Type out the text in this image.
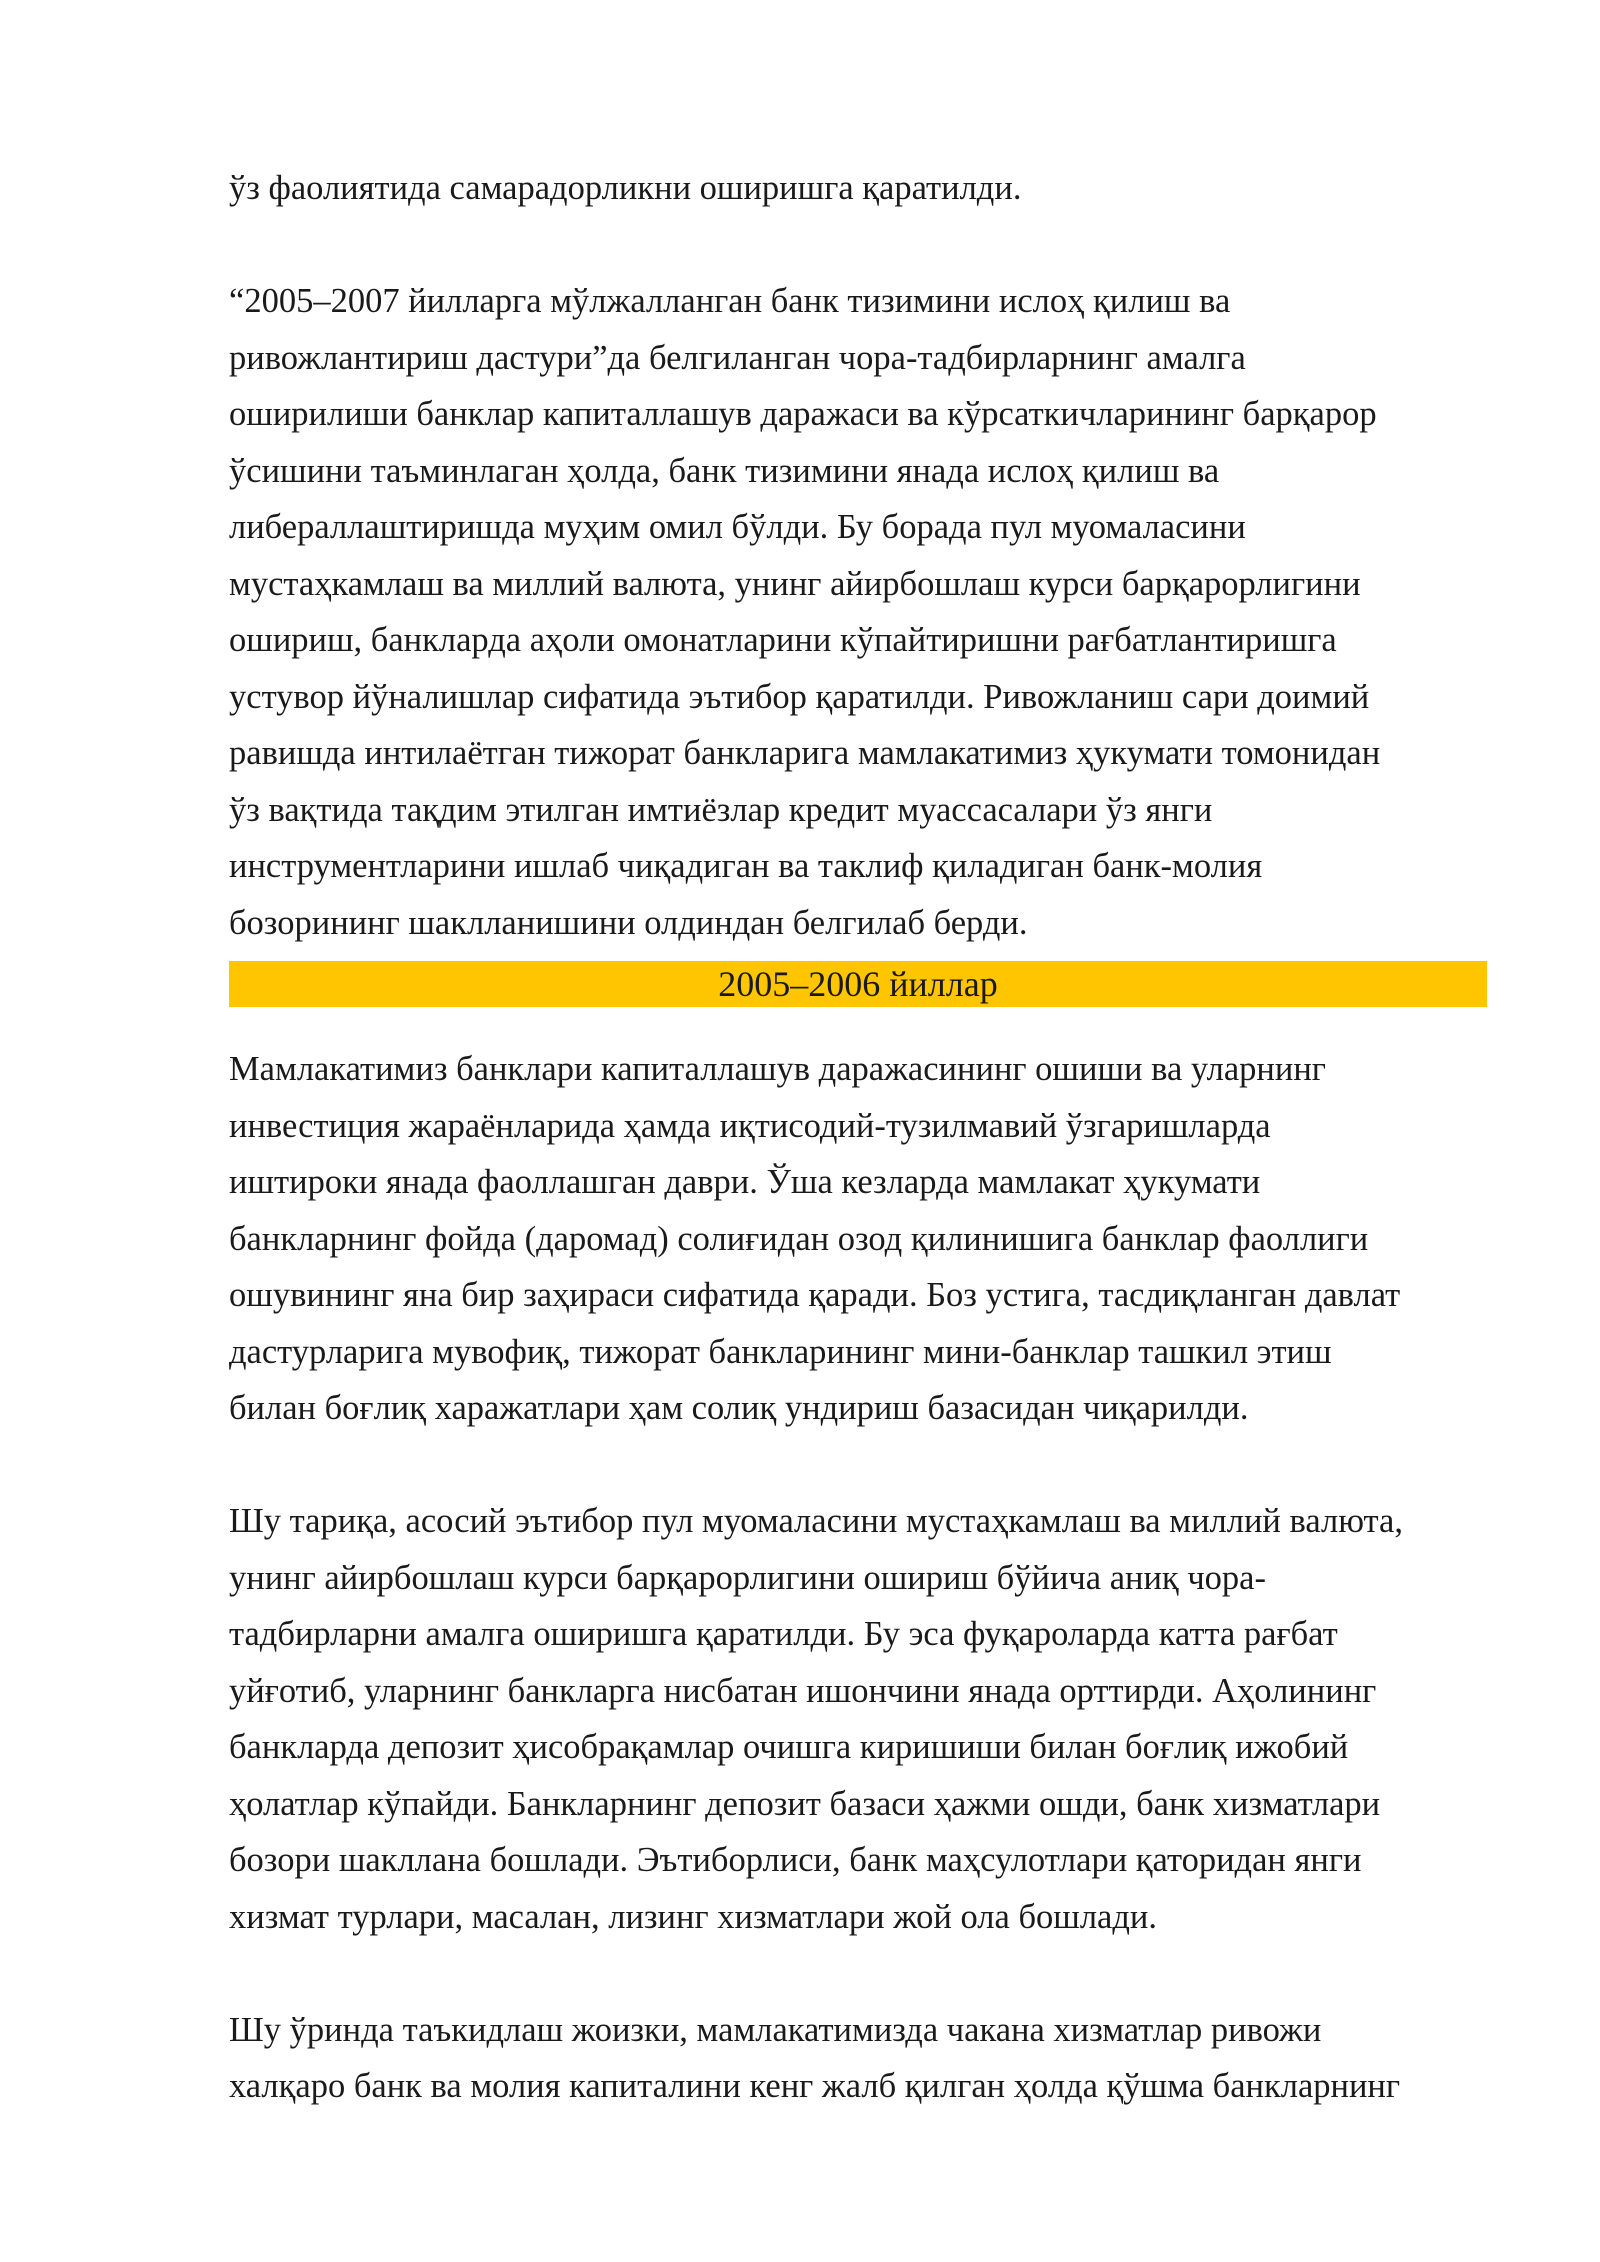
ўз фаолиятида самарадорликни оширишга қаратилди.

“2005–2007 йилларга мўлжалланган банк тизимини ислоҳ қилиш ва
ривожлантириш дастури”да белгиланган чора-тадбирларнинг амалга
оширилиши банклар капиталлашув даражаси ва кўрсаткичларининг барқарор
ўсишини таъминлаган ҳолда, банк тизимини янада ислоҳ қилиш ва
либераллаштиришда муҳим омил бўлди. Бу борада пул муомаласини
мустаҳкамлаш ва миллий валюта, унинг айирбошлаш курси барқарорлигини
ошириш, банкларда аҳоли омонатларини кўпайтиришни рағбатлантиришга
устувор йўналишлар сифатида эътибор қаратилди. Ривожланиш сари доимий
равишда интилаётган тижорат банкларига мамлакатимиз ҳукумати томонидан
ўз вақтида тақдим этилган имтиёзлар кредит муассасалари ўз янги
инструментларини ишлаб чиқадиган ва таклиф қиладиган банк-молия
бозорининг шаклланишини олдиндан белгилаб берди.

2005–2006 йиллар

Мамлакатимиз банклари капиталлашув даражасининг ошиши ва уларнинг
инвестиция жараёнларида ҳамда иқтисодий-тузилмавий ўзгаришларда
иштироки янада фаоллашган даври. Ўша кезларда мамлакат ҳукумати
банкларнинг фойда (даромад) солиғидан озод қилинишига банклар фаоллиги
ошувининг яна бир заҳираси сифатида қаради. Боз устига, тасдиқланган давлат
дастурларига мувофиқ, тижорат банкларининг мини-банклар ташкил этиш
билан боғлиқ харажатлари ҳам солиқ ундириш базасидан чиқарилди.

Шу тариқа, асосий эътибор пул муомаласини мустаҳкамлаш ва миллий валюта,
унинг айирбошлаш курси барқарорлигини ошириш бўйича аниқ чора-
тадбирларни амалга оширишга қаратилди. Бу эса фуқароларда катта рағбат
уйғотиб, уларнинг банкларга нисбатан ишончини янада орттирди. Аҳолининг
банкларда депозит ҳисобрақамлар очишга киришиши билан боғлиқ ижобий
ҳолатлар кўпайди. Банкларнинг депозит базаси ҳажми ошди, банк хизматлари
бозори шакллана бошлади. Эътиборлиси, банк маҳсулотлари қаторидан янги
хизмат турлари, масалан, лизинг хизматлари жой ола бошлади.

Шу ўринда таъкидлаш жоизки, мамлакатимизда чакана хизматлар ривожи
халқаро банк ва молия капиталини кенг жалб қилган ҳолда қўшма банкларнинг
